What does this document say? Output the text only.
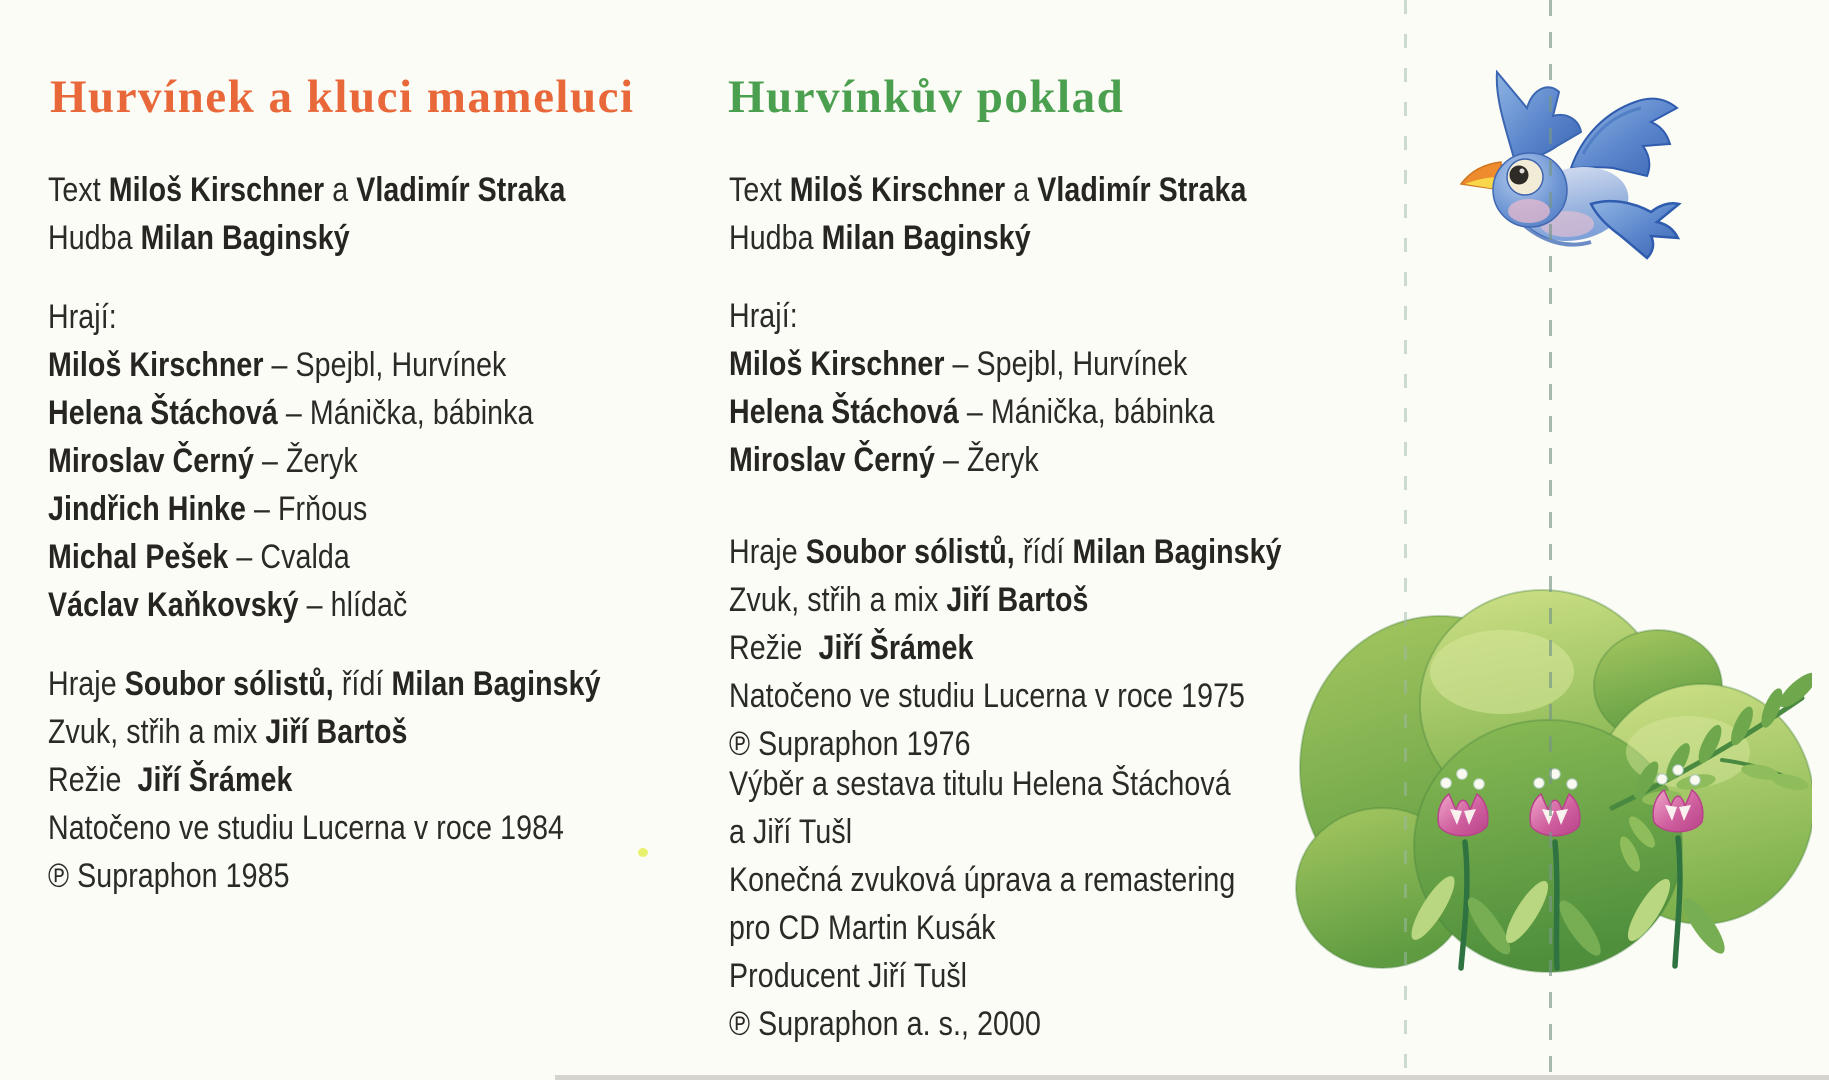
Hurvínek a kluci mameluci
Text Miloš Kirschner a Vladimír Straka
Hudba Milan Baginský
Hrají:
Miloš Kirschner – Spejbl, Hurvínek
Helena Štáchová – Mánička, bábinka
Miroslav Černý – Žeryk
Jindřich Hinke – Frňous
Michal Pešek – Cvalda
Václav Kaňkovský – hlídač
Hraje Soubor sólistů, řídí Milan Baginský
Zvuk, střih a mix Jiří Bartoš
Režie  Jiří Šrámek
Natočeno ve studiu Lucerna v roce 1984
℗ Supraphon 1985
Hurvínkův poklad
Text Miloš Kirschner a Vladimír Straka
Hudba Milan Baginský
Hrají:
Miloš Kirschner – Spejbl, Hurvínek
Helena Štáchová – Mánička, bábinka
Miroslav Černý – Žeryk
Hraje Soubor sólistů, řídí Milan Baginský
Zvuk, střih a mix Jiří Bartoš
Režie  Jiří Šrámek
Natočeno ve studiu Lucerna v roce 1975
℗ Supraphon 1976
Výběr a sestava titulu Helena Štáchová
a Jiří Tušl
Konečná zvuková úprava a remastering
pro CD Martin Kusák
Producent Jiří Tušl
℗ Supraphon a. s., 2000
